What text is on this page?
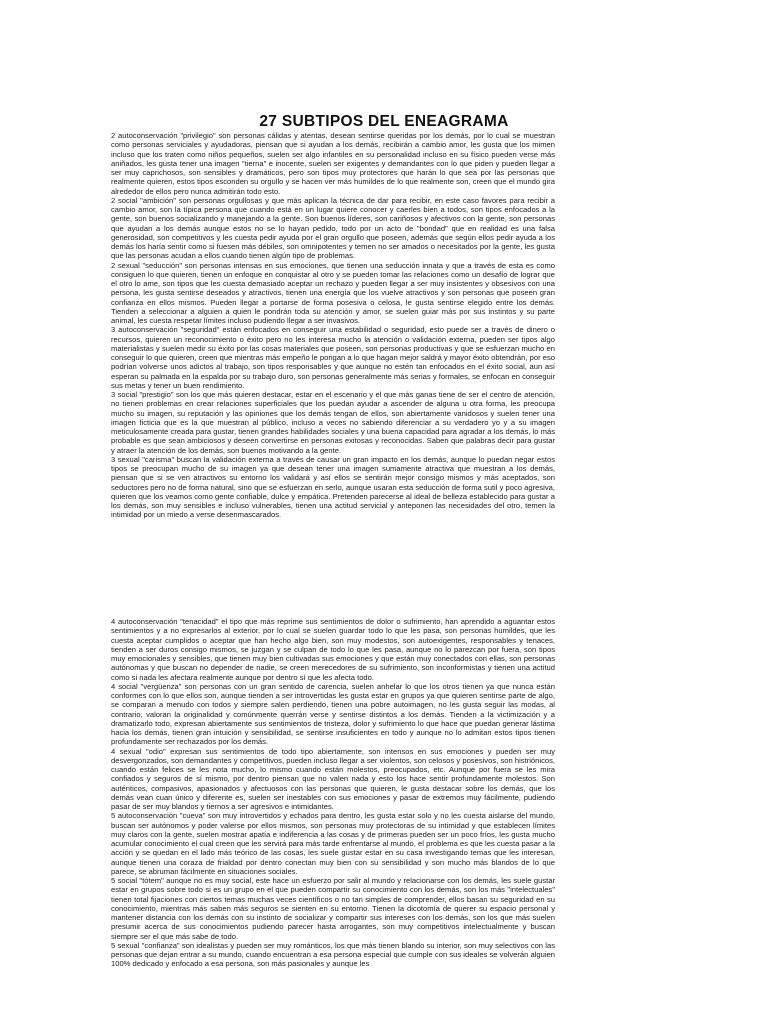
27 SUBTIPOS DEL ENEAGRAMA

2 autoconservación "privilegio" son personas cálidas y atentas, desean sentirse queridas por los demás, por lo cual se muestran como personas serviciales y ayudadoras, piensan que si ayudan a los demás, recibirán a cambio amor, les gusta que los mimen incluso que los traten como niños pequeños, suelen ser algo infantiles en su personalidad incluso en su físico pueden verse más aniñados, les gusta tener una imagen "tierna" e inocente, suelen ser exigentes y demandantes con lo que piden y pueden llegar a ser muy caprichosos, son sensibles y dramáticos, pero son tipos muy protectores que harán lo que sea por las personas que realmente quieren, estos tipos esconden su orgullo y se hacen ver más humildes de lo que realmente son, creen que el mundo gira alrededor de ellos pero nunca admitirán todo esto.

2 social "ambición" son personas orgullosas y que más aplican la técnica de dar para recibir, en este caso favores para recibir a cambio amor, son la típica persona que cuando está en un lugar quiere conocer y caerles bien a todos, son tipos enfocados a la gente, son buenos socializando y manejando a la gente. Son buenos líderes, son cariñosos y afectivos con la gente, son personas que ayudan a los demás aunque estos no se lo hayan pedido, todo por un acto de "bondad" que en realidad es una falsa generosidad, son competitivos y les cuesta pedir ayuda por el gran orgullo que poseen, además que según ellos pedir ayuda a los demás los haría sentir como si fuesen más débiles, son omnipotentes y temen no ser amados o necesitados por la gente, les gusta que las personas acudan a ellos cuando tienen algún tipo de problemas.

2 sexual "seducción" son personas intensas en sus emociones, que tienen una seducción innata y que a través de esta es como consiguen lo que quieren, tienen un enfoque en conquistar al otro y se pueden tomar las relaciones como un desafío de lograr que el otro lo ame, son tipos que les cuesta demasiado aceptar un rechazo y pueden llegar a ser muy insistentes y obsesivos con una persona, les gusta sentirse deseados y atractivos, tienen una energía que los vuelve atractivos y son personas que poseen gran confianza en ellos mismos. Pueden llegar a portarse de forma posesiva o celosa, le gusta sentirse elegido entre los demás. Tienden a seleccionar a alguien a quien le pondrán toda su atención y amor, se suelen guiar más por sus instintos y su parte animal, les cuesta respetar límites incluso pudiendo llegar a ser invasivos.

3 autoconservación "seguridad" están enfocados en conseguir una estabilidad o seguridad, esto puede ser a través de dinero o recursos, quieren un reconocimiento o éxito pero no les interesa mucho la atención o validación externa, pueden ser tipos algo materialistas y suelen medir su éxito por las cosas materiales que poseen, son personas productivas y que se esfuerzan mucho en conseguir lo que quieren, creen que mientras más empeño le pongan a lo que hagan mejor saldrá y mayor éxito obtendrán, por eso podrían volverse unos adictos al trabajo, son tipos responsables y que aunque no estén tan enfocados en el éxito social, aun así esperan su palmada en la espalda por su trabajo duro, son personas generalmente más serias y formales, se enfocan en conseguir sus metas y tener un buen rendimiento.

3 social "prestigio" son los que más quieren destacar, estar en el escenario y el que más ganas tiene de ser el centro de atención, no tienen problemas en crear relaciones superficiales que los puedan ayudar a ascender de alguna u otra forma, les preocupa mucho su imagen, su reputación y las opiniones que los demás tengan de ellos, son abiertamente vanidosos y suelen tener una imagen ficticia que es la que muestran al público, incluso a veces no sabiendo diferenciar a su verdadero yo y a su imagen meticulosamente creada para gustar, tienen grandes habilidades sociales y una buena capacidad para agradar a los demás, lo más probable es que sean ambiciosos y deseen convertirse en personas exitosas y reconocidas. Saben que palabras decir para gustar y atraer la atención de los demás, son buenos motivando a la gente.

3 sexual "carisma" buscan la validación externa a través de causar un gran impacto en los demás, aunque lo puedan negar estos tipos se preocupan mucho de su imagen ya que desean tener una imagen sumamente atractiva que muestran a los demás, piensan que si se ven atractivos su entorno los validará y así ellos se sentirán mejor consigo mismos y más aceptados, son seductores pero no de forma natural, sino que se esfuerzan en serlo, aunque usaran esta seducción de forma sutil y poco agresiva, quieren que los veamos como gente confiable, dulce y empática. Pretenden parecerse al ideal de belleza establecido para gustar a los demás, son muy sensibles e incluso vulnerables, tienen una actitud servicial y anteponen las necesidades del otro, temen la intimidad por un miedo a verse desenmascarados.

4 autoconservación "tenacidad" el tipo que más reprime sus sentimientos de dolor o sufrimiento, han aprendido a aguantar estos sentimientos y a no expresarlos al exterior, por lo cual se suelen guardar todo lo que les pasa, son personas humildes, que les cuesta aceptar cumplidos o aceptar que han hecho algo bien, son muy modestos, son autoexigentes, responsables y tenaces, tienden a ser duros consigo mismos, se juzgan y se culpan de todo lo que les pasa, aunque no lo parezcan por fuera, son tipos muy emocionales y sensibles, que tienen muy bien cultivadas sus emociones y que están muy conectados con ellas, son personas autónomas y que buscan no depender de nadie, se creen merecedores de su sufrimiento, son inconformistas y tienen una actitud como si nada les afectara realmente aunque por dentro sí que les afecta todo.

4 social "vergüenza" son personas con un gran sentido de carencia, suelen anhelar lo que los otros tienen ya que nunca están conformes con lo que ellos son, aunque tienden a ser introvertidas les gusta estar en grupos ya que quieren sentirse parte de algo, se comparan a menudo con todos y siempre salen perdiendo, tienen una pobre autoimagen, no les gusta seguir las modas, al contrario, valoran la originalidad y comúnmente querrán verse y sentirse distintos a los demás. Tienden a la victimización y a dramatizarlo todo, expresan abiertamente sus sentimientos de tristeza, dolor y sufrimiento lo que hace que puedan generar lástima hacia los demás, tienen gran intuición y sensibilidad, se sentirse insuficientes en todo y aunque no lo admitan estos tipos tienen profundamente ser rechazados por los demás.

4 sexual "odio" expresan sus sentimientos de todo tipo abiertamente, son intensos en sus emociones y pueden ser muy desvergonzados, son demandantes y competitivos, pueden incluso llegar a ser violentos, son celosos y posesivos, son histriónicos, cuando están felices se les nota mucho, lo mismo cuando están molestos, preocupados, etc. Aunque por fuera se les mira confiados y seguros de sí mismo, por dentro piensan que no valen nada y esto los hace sentir profundamente molestos. Son auténticos, compasivos, apasionados y afectuosos con las personas que quieren, le gusta destacar sobre los demás, que los demás vean cuan único y diferente es, suelen ser inestables con sus emociones y pasar de extremos muy fácilmente, pudiendo pasar de ser muy blandos y tiernos a ser agresivos e intimidantes.

5 autoconservación "cueva" son muy introvertidos y echados para dentro, les gusta estar solo y no les cuesta aislarse del mundo, buscan ser autónomos y poder valerse por ellos mismos, son personas muy protectoras de su intimidad y que establecen límites muy claros con la gente, suelen mostrar apatía e indiferencia a las cosas y de primeras pueden ser un poco fríos, les gusta mucho acumular conocimiento el cual creen que les servirá para más tarde enfrentarse al mundo, el problema es que les cuesta pasar a la acción y se quedan en el lado más teórico de las cosas, les suele gustar estar en su casa investigando temas que les interesan, aunque tienen una coraza de frialdad por dentro conectan muy bien con su sensibilidad y son mucho más blandos de lo que parece, se abruman fácilmente en situaciones sociales.

5 social "tótem" aunque no es muy social, este hace un esfuerzo por salir al mundo y relacionarse con los demás, les suele gustar estar en grupos sobre todo si es un grupo en el que pueden compartir su conocimiento con los demás, son los más "intelectuales" tienen total fijaciones con ciertos temas muchas veces científicos o no tan simples de comprender, ellos basan su seguridad en su conocimiento, mientras más saben más seguros se sienten en su entorno. Tienen la dicotomía de querer su espacio personal y mantener distancia con los demás con su instinto de socializar y compartir sus intereses con los demás, son los que más suelen presumir acerca de sus conocimientos pudiendo parecer hasta arrogantes, son muy competitivos intelectualmente y buscan siempre ser el que más sabe de todo.

5 sexual "confianza" son idealistas y pueden ser muy románticos, los que más tienen blando su interior, son muy selectivos con las personas que dejan entrar a su mundo, cuando encuentran a esa persona especial que cumple con sus ideales se volverán alguien 100% dedicado y enfocado a esa persona, son más pasionales y aunque les
